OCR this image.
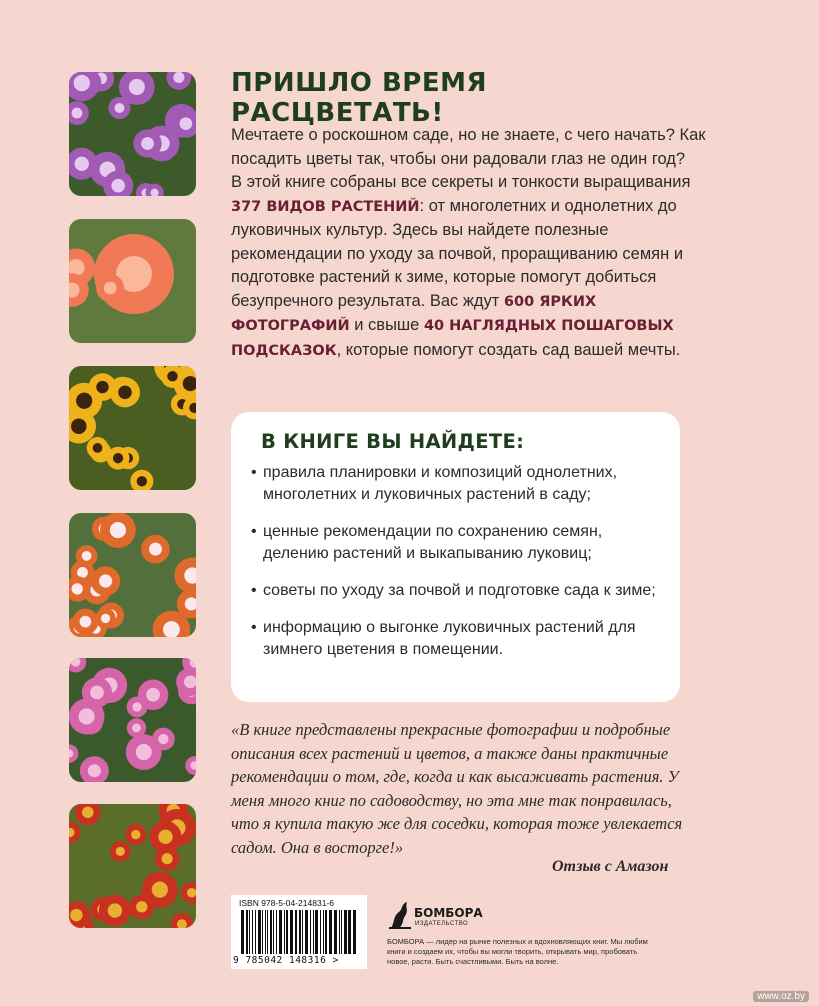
ПРИШЛО ВРЕМЯ РАСЦВЕТАТЬ!
Мечтаете о роскошном саде, но не знаете, с чего начать? Как посадить цветы так, чтобы они радовали глаз не один год?
В этой книге собраны все секреты и тонкости выращивания 377 ВИДОВ РАСТЕНИЙ: от многолетних и однолетних до луковичных культур. Здесь вы найдете полезные рекомендации по уходу за почвой, проращиванию семян и подготовке растений к зиме, которые помогут добиться безупречного результата. Вас ждут 600 ЯРКИХ ФОТОГРАФИЙ и свыше 40 НАГЛЯДНЫХ ПОШАГОВЫХ ПОДСКАЗОК, которые помогут создать сад вашей мечты.
В КНИГЕ ВЫ НАЙДЕТЕ:
• правила планировки и композиций однолетних, многолетних и луковичных растений в саду;
• ценные рекомендации по сохранению семян, делению растений и выкапыванию луковиц;
• советы по уходу за почвой и подготовке сада к зиме;
• информацию о выгонке луковичных растений для зимнего цветения в помещении.
«В книге представлены прекрасные фотографии и подробные описания всех растений и цветов, а также даны практичные рекомендации о том, где, когда и как высаживать растения. У меня много книг по садоводству, но эта мне так понравилась, что я купила такую же для соседки, которая тоже увлекается садом. Она в восторге!»
Отзыв с Амазон
ISBN 978-5-04-214831-6
9 785042 148316 >
БОМБОРА
ИЗДАТЕЛЬСТВО
БОМБОРА — лидер на рынке полезных и вдохновляющих книг. Мы любим книги и создаем их, чтобы вы могли творить, открывать мир, пробовать новое, расти. Быть счастливыми. Быть на волне.
www.oz.by
